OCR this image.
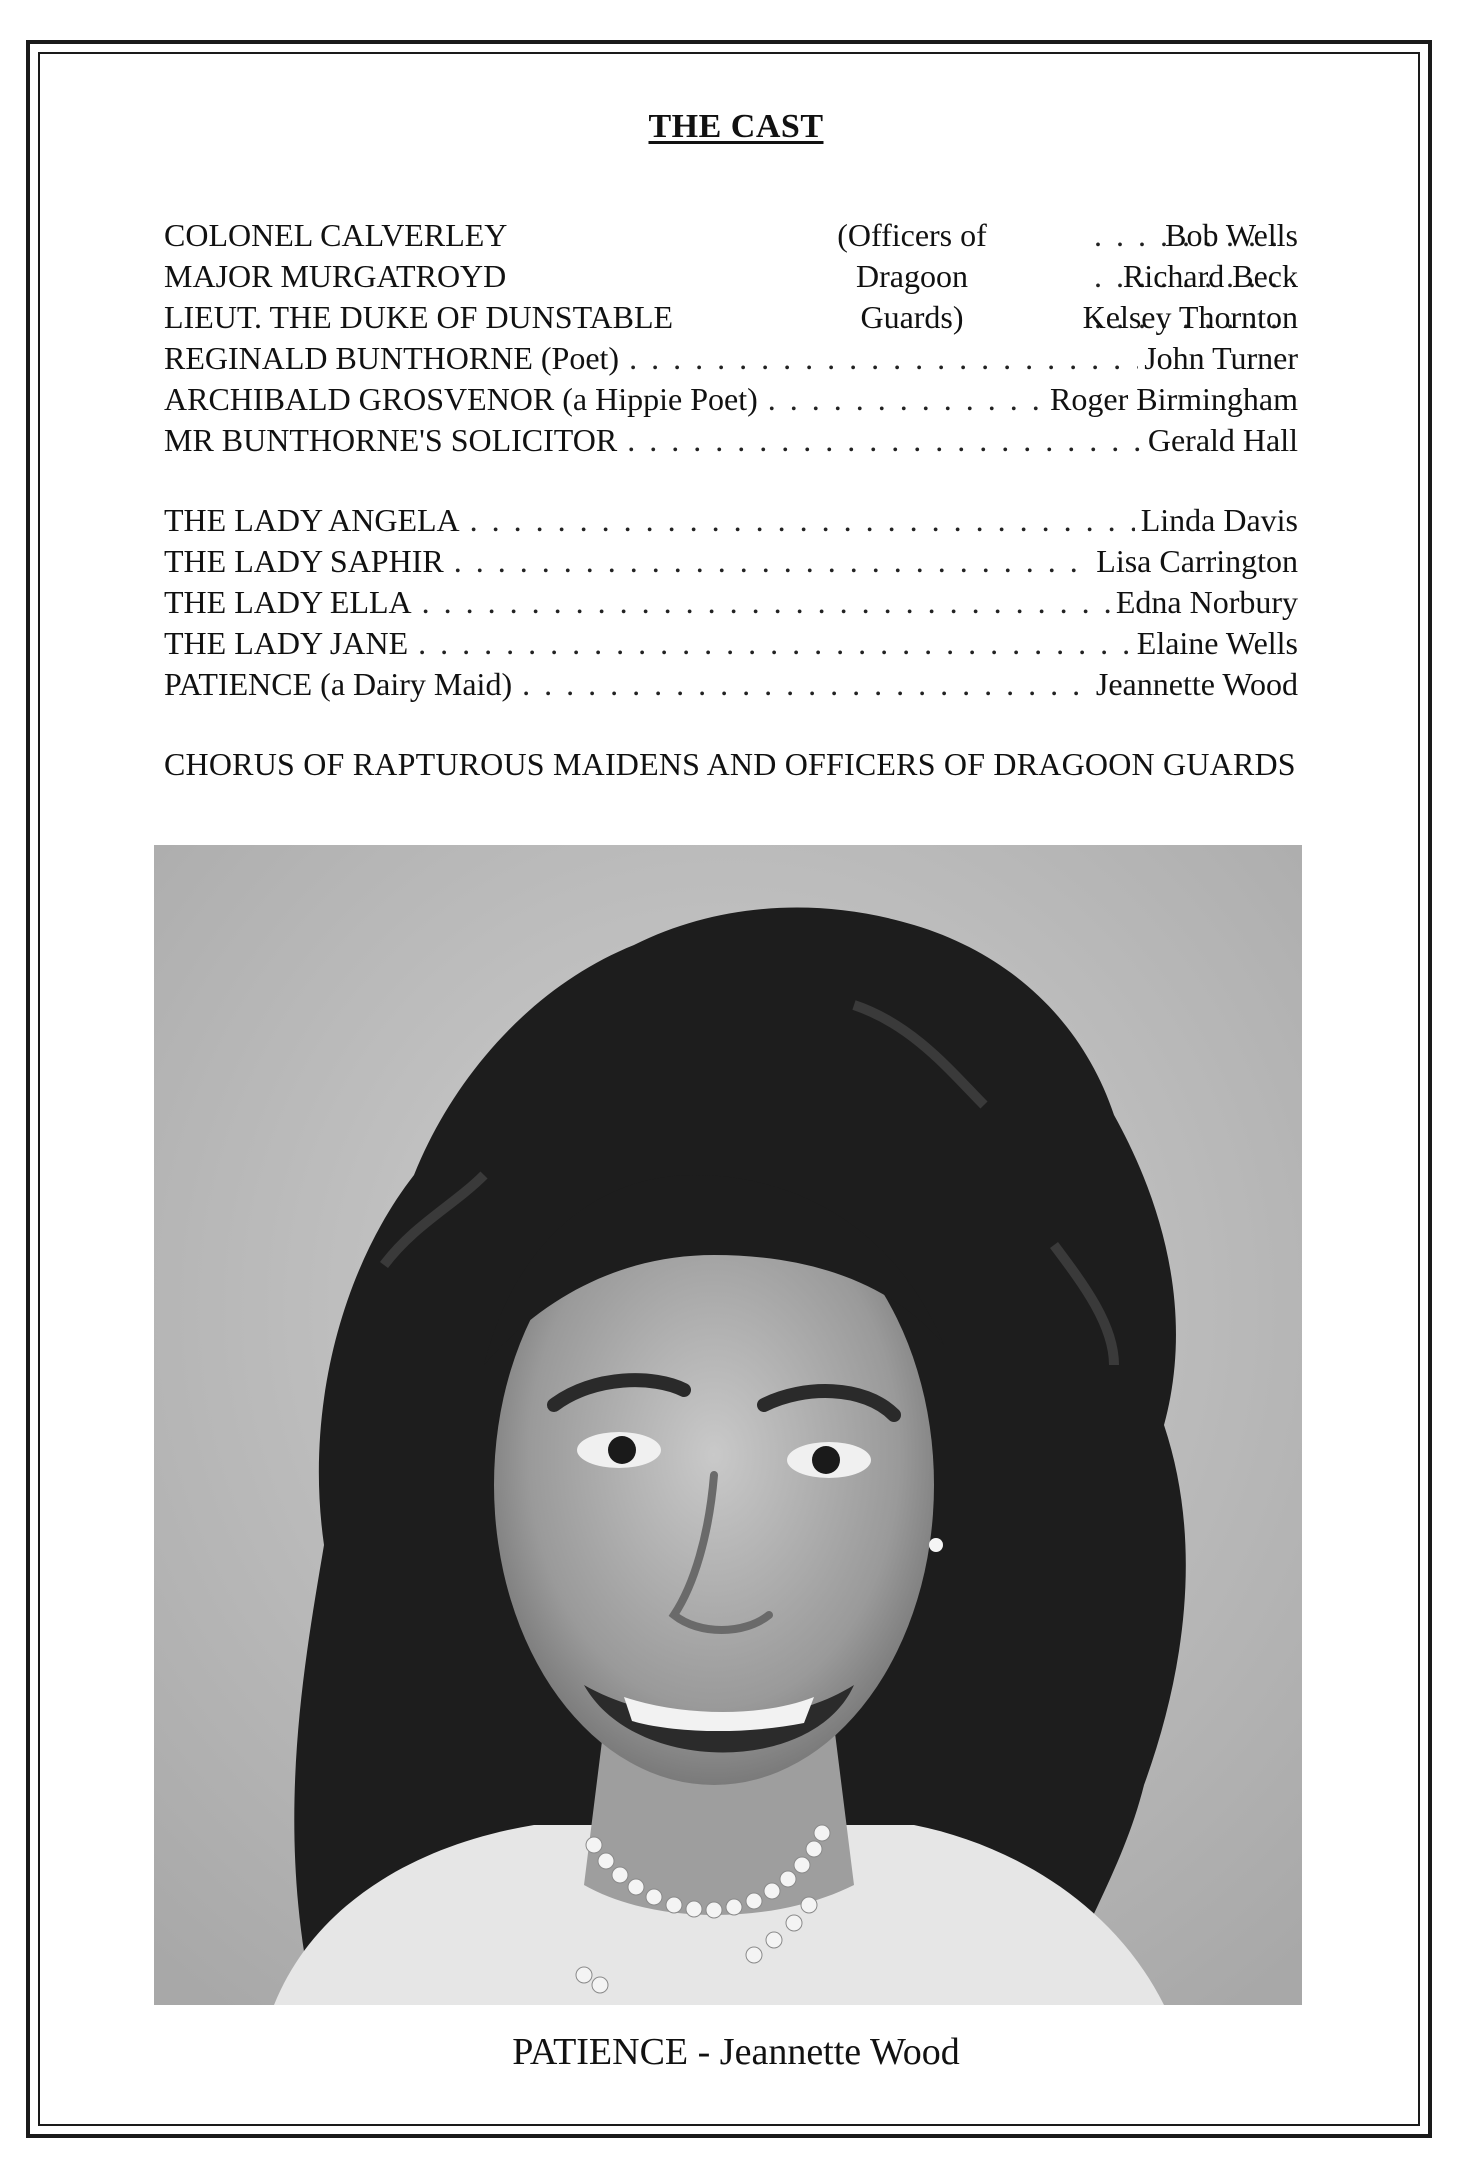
THE CAST
COLONEL CALVERLEY	(Officers of . . .	Bob Wells
MAJOR MURGATROYD	Dragoon . . .	Richard Beck
LIEUT. THE DUKE OF DUNSTABLE	Guards) . . .	Kelsey Thornton
REGINALD BUNTHORNE (Poet) . . .	John Turner
ARCHIBALD GROSVENOR (a Hippie Poet) . . .	Roger Birmingham
MR BUNTHORNE'S SOLICITOR . . .	Gerald Hall
THE LADY ANGELA . . .	Linda Davis
THE LADY SAPHIR . . .	Lisa Carrington
THE LADY ELLA . . .	Edna Norbury
THE LADY JANE . . .	Elaine Wells
PATIENCE (a Dairy Maid) . . .	Jeannette Wood
CHORUS OF RAPTUROUS MAIDENS AND OFFICERS OF DRAGOON GUARDS
PATIENCE - Jeannette Wood
